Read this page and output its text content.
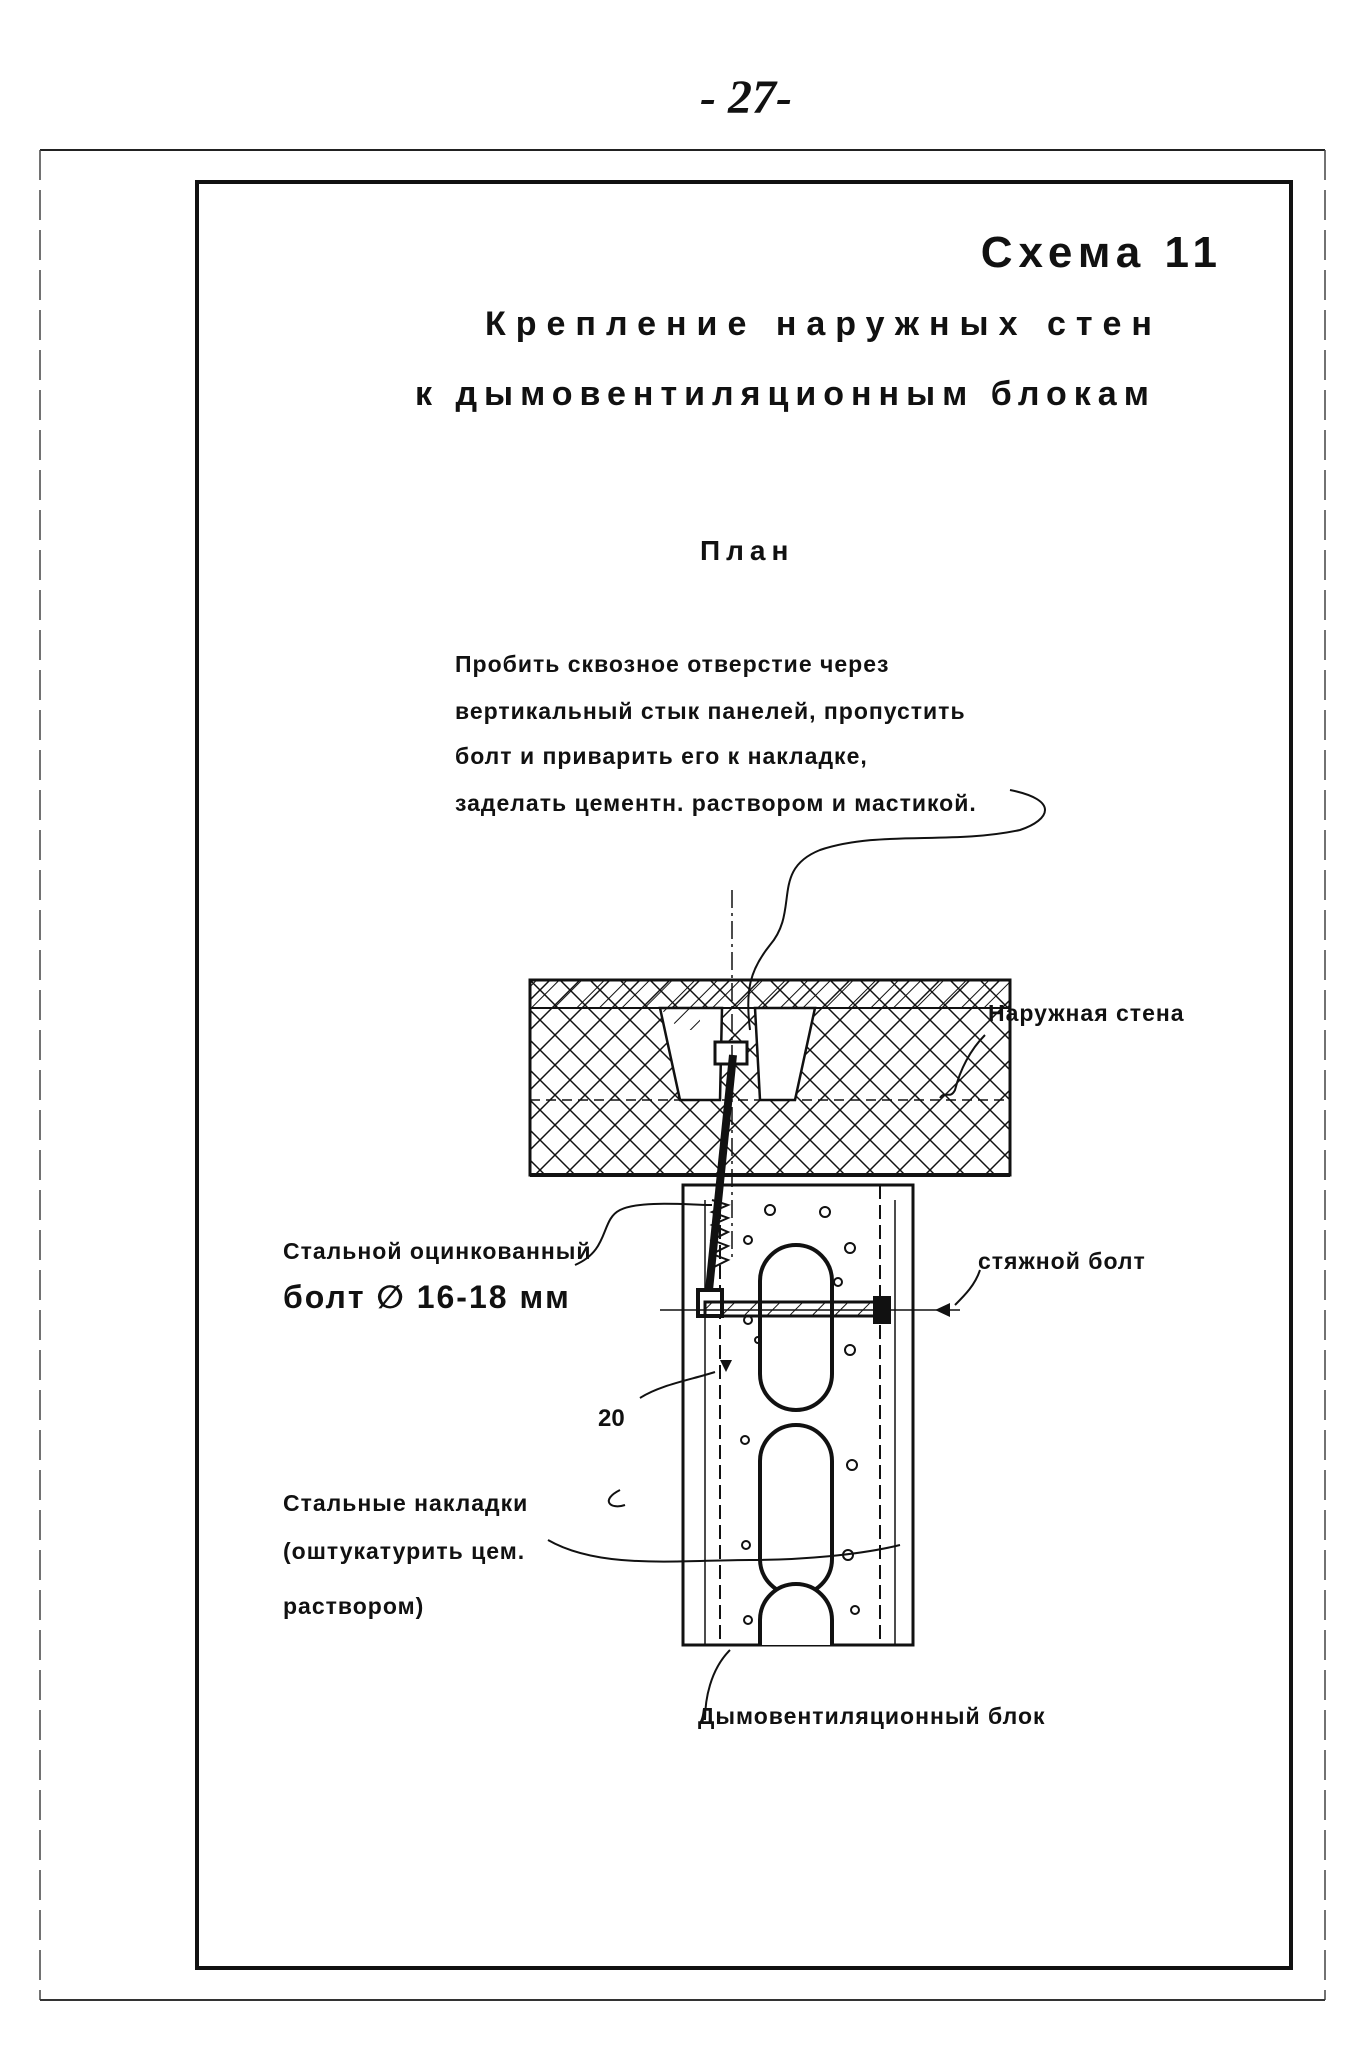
- 27-
Схема 11
Крепление наружных стен
к дымовентиляционным блокам
План
Пробить сквозное отверстие через
вертикальный стык панелей, пропустить
болт и приварить его к накладке,
заделать цементн. раствором и мастикой.
Наружная стена
Стальной оцинкованный
болт ∅ 16-18 мм
стяжной болт
20
Стальные накладки
(оштукатурить цем.
раствором)
Дымовентиляционный блок
